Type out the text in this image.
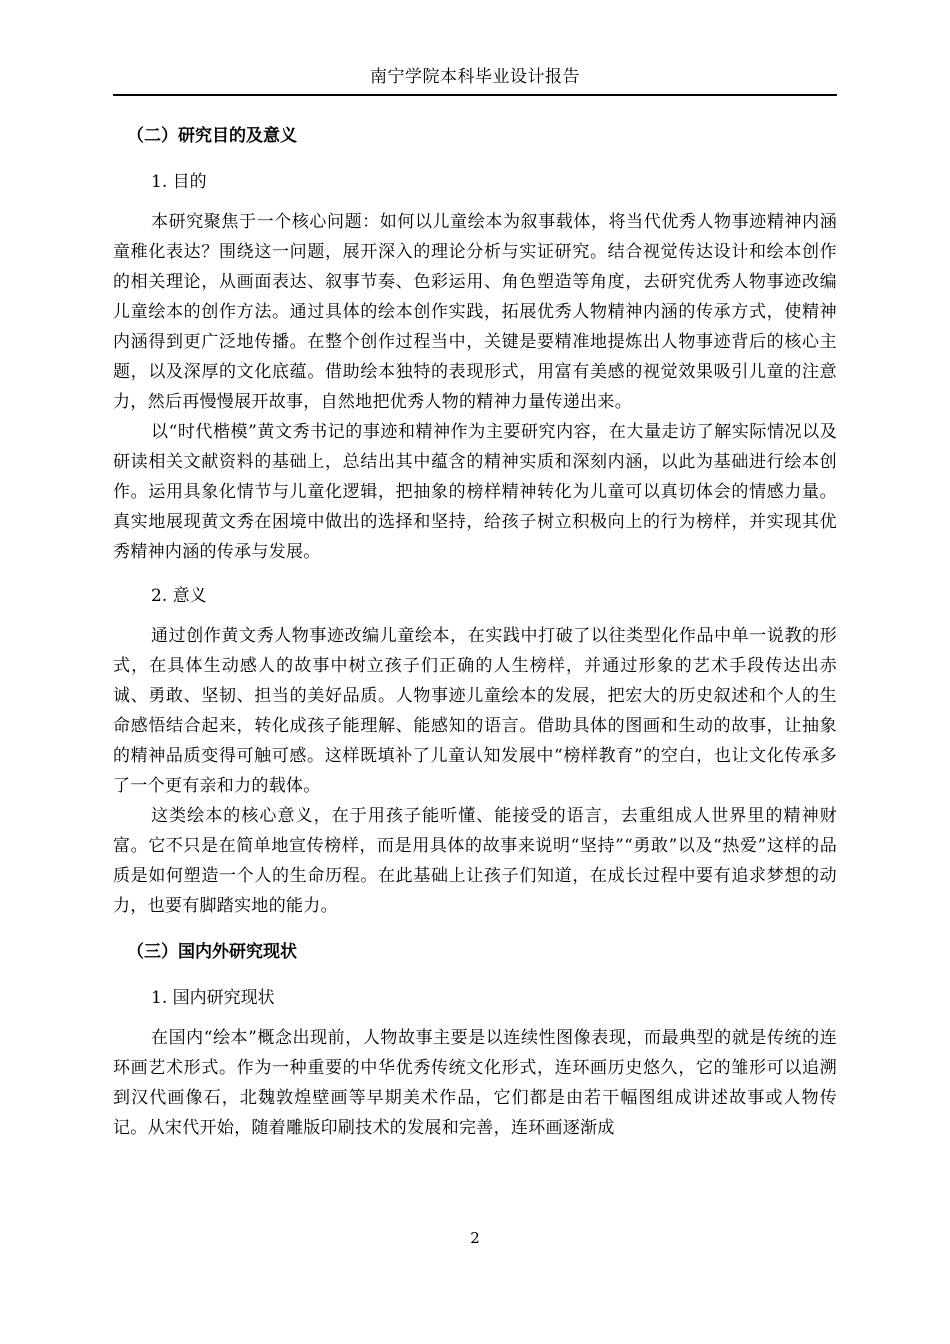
南宁学院本科毕业设计报告
（二）研究目的及意义
1. 目的

本研究聚焦于一个核心问题：如何以儿童绘本为叙事载体，将当代优秀人物事迹精神内涵童稚化表达？围绕这一问题，展开深入的理论分析与实证研究。结合视觉传达设计和绘本创作的相关理论，从画面表达、叙事节奏、色彩运用、角色塑造等角度，去研究优秀人物事迹改编儿童绘本的创作方法。通过具体的绘本创作实践，拓展优秀人物精神内涵的传承方式，使精神内涵得到更广泛地传播。在整个创作过程当中，关键是要精准地提炼出人物事迹背后的核心主题，以及深厚的文化底蕴。借助绘本独特的表现形式，用富有美感的视觉效果吸引儿童的注意力，然后再慢慢展开故事，自然地把优秀人物的精神力量传递出来。

以“时代楷模”黄文秀书记的事迹和精神作为主要研究内容，在大量走访了解实际情况以及研读相关文献资料的基础上，总结出其中蕴含的精神实质和深刻内涵，以此为基础进行绘本创作。运用具象化情节与儿童化逻辑，把抽象的榜样精神转化为儿童可以真切体会的情感力量。真实地展现黄文秀在困境中做出的选择和坚持，给孩子树立积极向上的行为榜样，并实现其优秀精神内涵的传承与发展。

2. 意义

通过创作黄文秀人物事迹改编儿童绘本，在实践中打破了以往类型化作品中单一说教的形式，在具体生动感人的故事中树立孩子们正确的人生榜样，并通过形象的艺术手段传达出赤诚、勇敢、坚韧、担当的美好品质。人物事迹儿童绘本的发展，把宏大的历史叙述和个人的生命感悟结合起来，转化成孩子能理解、能感知的语言。借助具体的图画和生动的故事，让抽象的精神品质变得可触可感。这样既填补了儿童认知发展中“榜样教育”的空白，也让文化传承多了一个更有亲和力的载体。

这类绘本的核心意义，在于用孩子能听懂、能接受的语言，去重组成人世界里的精神财富。它不只是在简单地宣传榜样，而是用具体的故事来说明“坚持”“勇敢”以及“热爱”这样的品质是如何塑造一个人的生命历程。在此基础上让孩子们知道，在成长过程中要有追求梦想的动力，也要有脚踏实地的能力。

（三）国内外研究现状
1. 国内研究现状

在国内“绘本”概念出现前，人物故事主要是以连续性图像表现，而最典型的就是传统的连环画艺术形式。作为一种重要的中华优秀传统文化形式，连环画历史悠久，它的雏形可以追溯到汉代画像石，北魏敦煌壁画等早期美术作品，它们都是由若干幅图组成讲述故事或人物传记。从宋代开始，随着雕版印刷技术的发展和完善，连环画逐渐成

2
